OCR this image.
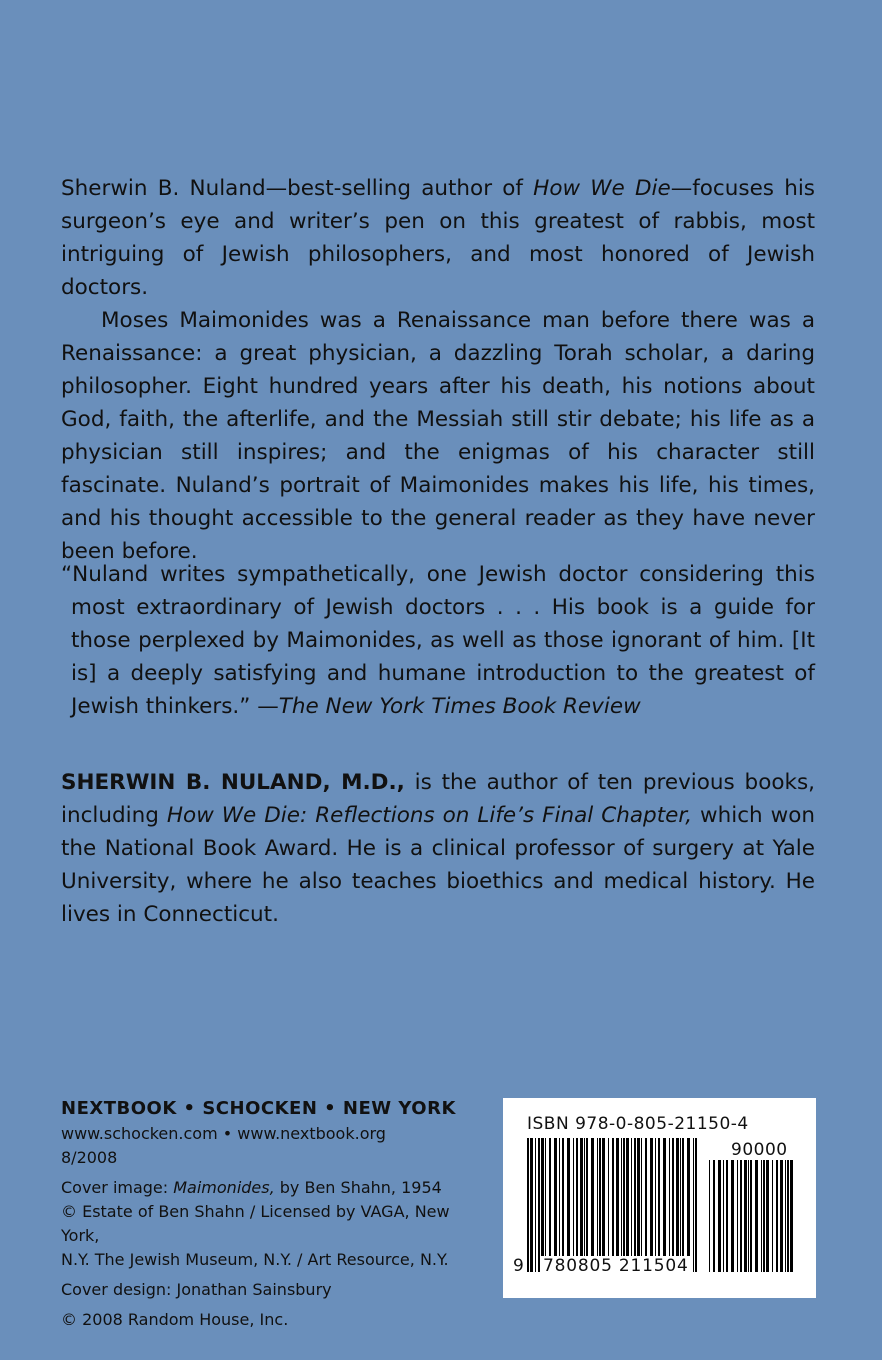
Sherwin B. Nuland—best-selling author of How We Die—focuses his surgeon’s eye and writer’s pen on this greatest of rabbis, most intriguing of Jewish philosophers, and most honored of Jewish doctors.

Moses Maimonides was a Renaissance man before there was a Renaissance: a great physician, a dazzling Torah scholar, a daring philosopher. Eight hundred years after his death, his notions about God, faith, the afterlife, and the Messiah still stir debate; his life as a physician still inspires; and the enigmas of his character still fascinate. Nuland’s portrait of Maimonides makes his life, his times, and his thought accessible to the general reader as they have never been before.

“Nuland writes sympathetically, one Jewish doctor considering this most extraordinary of Jewish doctors . . . His book is a guide for those perplexed by Maimonides, as well as those ignorant of him. [It is] a deeply satisfying and humane introduction to the greatest of Jewish thinkers.” —The New York Times Book Review
SHERWIN B. NULAND, M.D., is the author of ten previous books, including How We Die: Reflections on Life’s Final Chapter, which won the National Book Award. He is a clinical professor of surgery at Yale University, where he also teaches bioethics and medical history. He lives in Connecticut.
NEXTBOOK • SCHOCKEN • NEW YORK
www.schocken.com • www.nextbook.org
8/2008
Cover image: Maimonides, by Ben Shahn, 1954
© Estate of Ben Shahn / Licensed by VAGA, New York,
N.Y. The Jewish Museum, N.Y. / Art Resource, N.Y.
Cover design: Jonathan Sainsbury
© 2008 Random House, Inc.
ISBN 978-0-805-21150-4
90000
9 780805 211504
